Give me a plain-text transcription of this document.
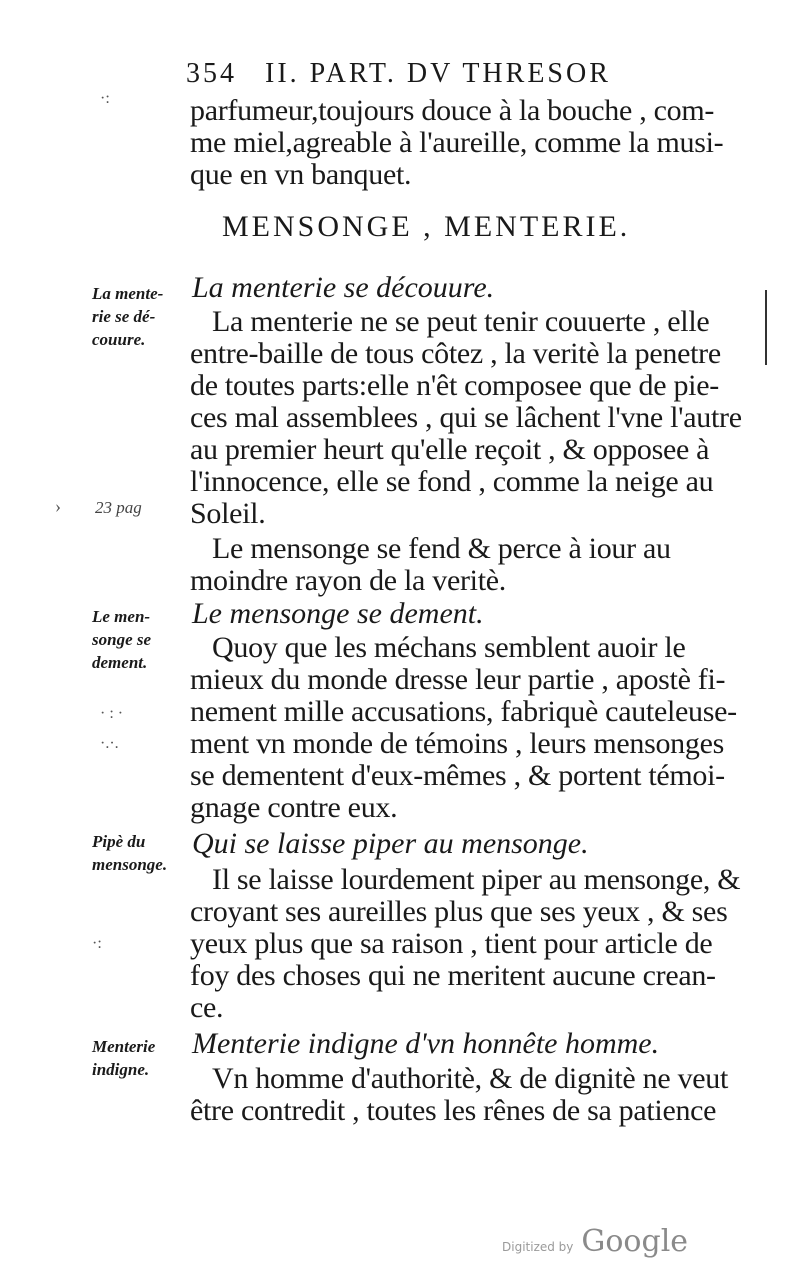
354 II. PART. DV THRESOR
parfumeur,toujours douce à la bouche , com-
me miel,agreable à l'aureille, comme la musi-
que en vn banquet.
MENSONGE , MENTERIE.
La menterie se découure.
La mente-
rie se dé-
couure.
La menterie ne se peut tenir couuerte , elle
entre-baille de tous côtez , la veritè la penetre
de toutes parts:elle n'êt composee que de pie-
ces mal assemblees , qui se lâchent l'vne l'autre
au premier heurt qu'elle reçoit , & opposee à
l'innocence, elle se fond , comme la neige au
Soleil.
› 23 pag
Le mensonge se fend & perce à iour au
moindre rayon de la veritè.
Le mensonge se dement.
Le men-
songe se
dement.	Quoy que les méchans semblent auoir le
mieux du monde dresse leur partie , apostè fi-
nement mille accusations, fabriquè cauteleuse-
ment vn monde de témoins , leurs mensonges
se dementent d'eux-mêmes , & portent témoi-
gnage contre eux.
Qui se laisse piper au mensonge.
Pipè du
mensonge.	Il se laisse lourdement piper au mensonge, &
croyant ses aureilles plus que ses yeux , & ses
yeux plus que sa raison , tient pour article de
foy des choses qui ne meritent aucune crean-
ce.
Menterie indigne d'vn honnête homme.
Menterie
indigne.	Vn homme d'authoritè, & de dignitè ne veut
être contredit , toutes les rênes de sa patience
·:
· : ·
·.·.
·:
Digitized by Google
